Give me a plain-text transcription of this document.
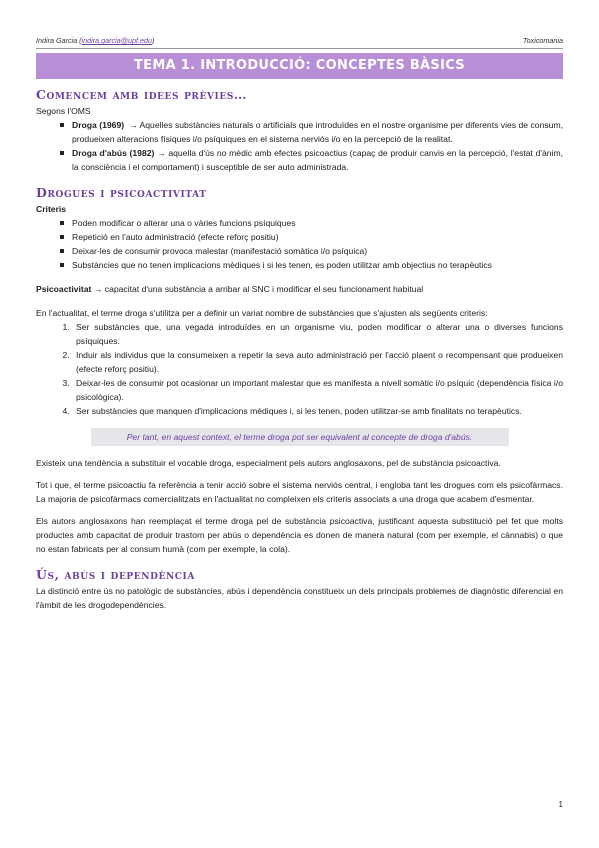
Indira Garcia (indira.garcia@upf.edu)	Toxicomania
TEMA 1. INTRODUCCIÓ: CONCEPTES BÀSICS
Comencem amb idees prèvies…

Segons l'OMS

Droga (1969) → Aquelles substàncies naturals o artificials que introduïdes en el nostre organisme per diferents vies de consum, produeixen alteracions físiques i/o psíquiques en el sistema nerviós i/o en la percepció de la realitat.
Droga d'abús (1982) → aquella d'ús no mèdic amb efectes psicoactius (capaç de produir canvis en la percepció, l'estat d'ànim, la consciència i el comportament) i susceptible de ser auto administrada.
Drogues i psicoactivitat

Criteris

Poden modificar o alterar una o vàries funcions psíquiques
Repetició en l'auto administració (efecte reforç positiu)
Deixar-les de consumir provoca malestar (manifestació somàtica i/o psíquica)
Substàncies que no tenen implicacions mèdiques i si les tenen, es poden utilitzar amb objectius no terapèutics

Psicoactivitat → capacitat d'una substància a arribar al SNC i modificar el seu funcionament habitual

En l'actualitat, el terme droga s'utilitza per a definir un variat nombre de substàncies que s'ajusten als següents criteris:

1. Ser substàncies que, una vegada introduïdes en un organisme viu, poden modificar o alterar una o diverses funcions psíquiques.
2. Induir als individus que la consumeixen a repetir la seva auto administració per l'acció plaent o recompensant que produeixen (efecte reforç positiu).
3. Deixar-les de consumir pot ocasionar un important malestar que es manifesta a nivell somàtic i/o psíquic (dependència física i/o psicològica).
4. Ser substàncies que manquen d'implicacions mèdiques i, si les tenen, poden utilitzar-se amb finalitats no terapèutics.
Per tant, en aquest context, el terme droga pot ser equivalent al concepte de droga d'abús.

Existeix una tendència a substituir el vocable droga, especialment pels autors anglosaxons, pel de substància psicoactiva.

Tot i que, el terme psicoactiu fa referència a tenir acció sobre el sistema nerviós central, i engloba tant les drogues com els psicofàrmacs. La majoria de psicofàrmacs comercialitzats en l'actualitat no compleixen els criteris associats a una droga que acabem d'esmentar.

Els autors anglosaxons han reemplaçat el terme droga pel de substància psicoactiva, justificant aquesta substitució pel fet que molts productes amb capacitat de produir trastorn per abús o dependència es donen de manera natural (com per exemple, el cànnabis) o que no estan fabricats per al consum humà (com per exemple, la cola).

Ús, abús i dependència

La distinció entre ús no patològic de substàncies, abús i dependència constitueix un dels principals problemes de diagnòstic diferencial en l'àmbit de les drogodependències.

1
